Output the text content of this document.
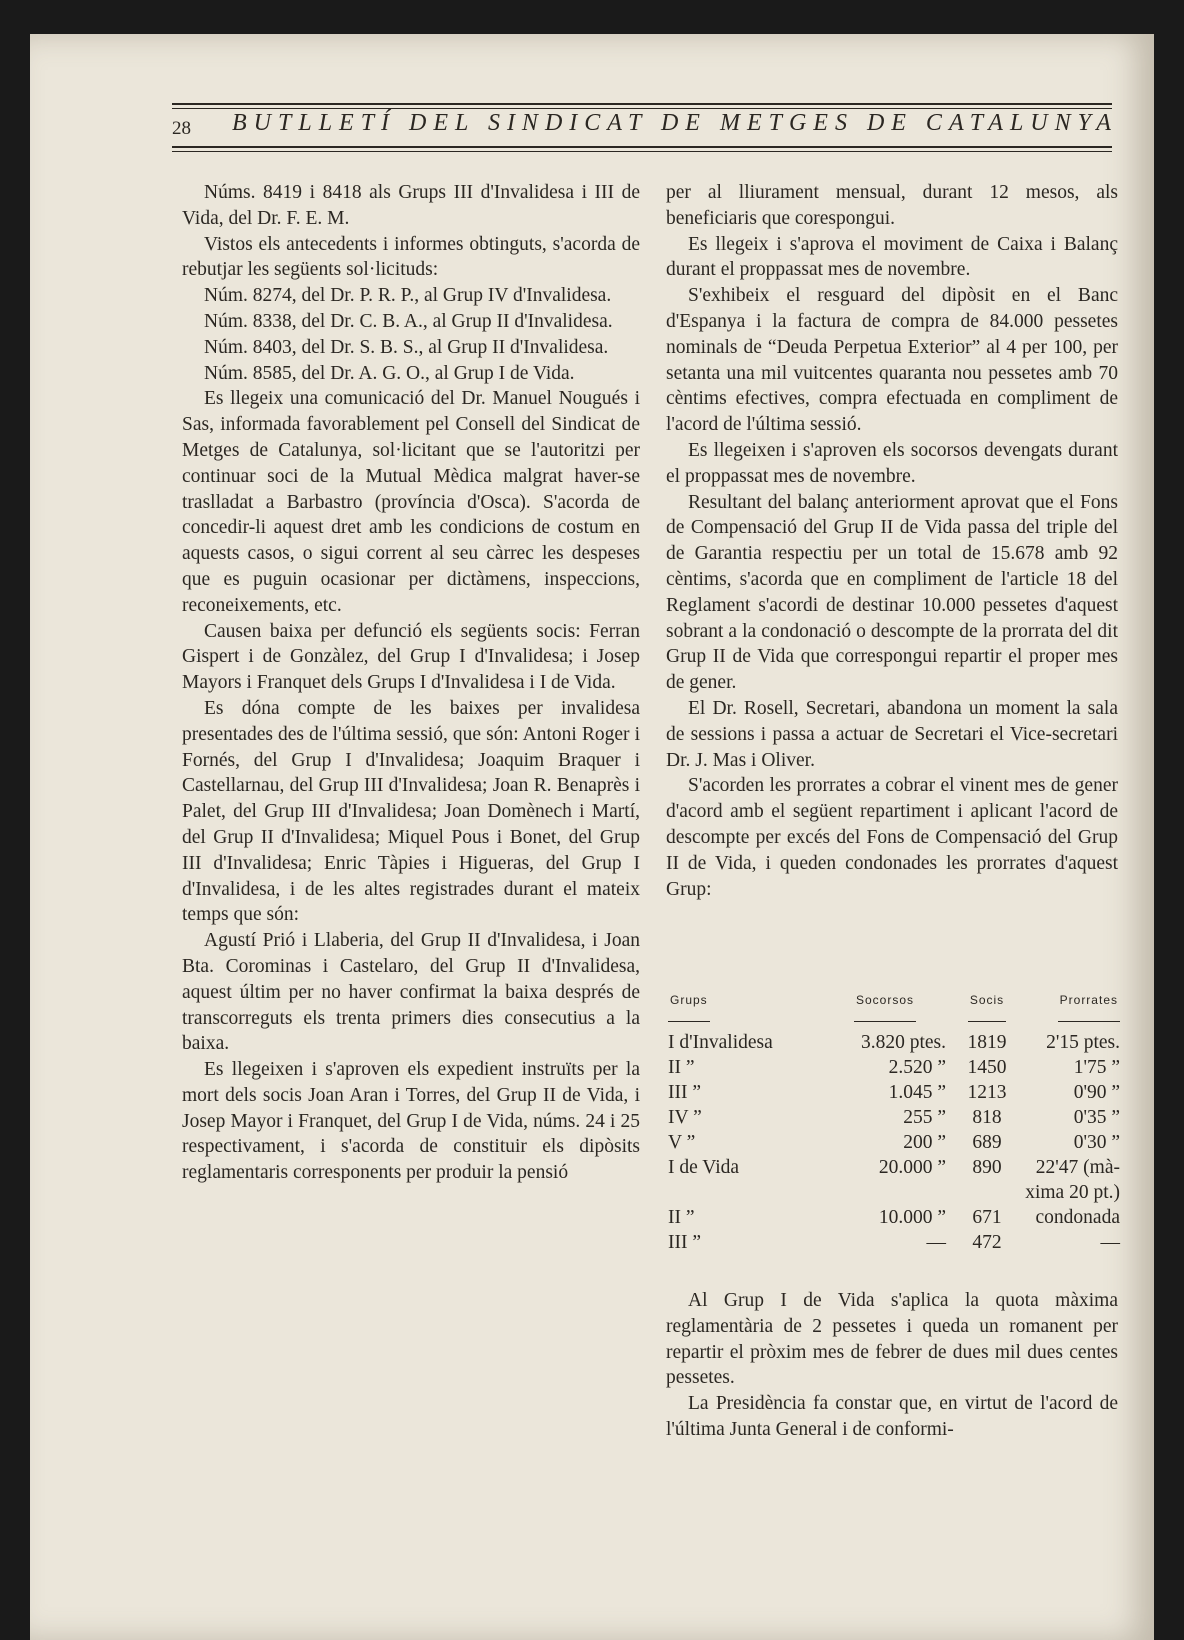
28 BUTLLETÍ DEL SINDICAT DE METGES DE CATALUNYA

Núms. 8419 i 8418 als Grups III d'Invalidesa i III de Vida, del Dr. F. E. M.

Vistos els antecedents i informes obtinguts, s'acorda de rebutjar les següents sol·licituds:

Núm. 8274, del Dr. P. R. P., al Grup IV d'Invalidesa.

Núm. 8338, del Dr. C. B. A., al Grup II d'Invalidesa.

Núm. 8403, del Dr. S. B. S., al Grup II d'Invalidesa.

Núm. 8585, del Dr. A. G. O., al Grup I de Vida.

Es llegeix una comunicació del Dr. Manuel Nougués i Sas, informada favorablement pel Consell del Sindicat de Metges de Catalunya, sol·licitant que se l'autoritzi per continuar soci de la Mutual Mèdica malgrat haver-se traslladat a Barbastro (província d'Osca). S'acorda de concedir-li aquest dret amb les condicions de costum en aquests casos, o sigui corrent al seu càrrec les despeses que es puguin ocasionar per dictàmens, inspeccions, reconeixements, etc.

Causen baixa per defunció els següents socis: Ferran Gispert i de Gonzàlez, del Grup I d'Invalidesa; i Josep Mayors i Franquet dels Grups I d'Invalidesa i I de Vida.

Es dóna compte de les baixes per invalidesa presentades des de l'última sessió, que són: Antoni Roger i Fornés, del Grup I d'Invalidesa; Joaquim Braquer i Castellarnau, del Grup III d'Invalidesa; Joan R. Benaprès i Palet, del Grup III d'Invalidesa; Joan Domènech i Martí, del Grup II d'Invalidesa; Miquel Pous i Bonet, del Grup III d'Invalidesa; Enric Tàpies i Higueras, del Grup I d'Invalidesa, i de les altes registrades durant el mateix temps que són:

Agustí Prió i Llaberia, del Grup II d'Invalidesa, i Joan Bta. Corominas i Castelaro, del Grup II d'Invalidesa, aquest últim per no haver confirmat la baixa després de transcorreguts els trenta primers dies consecutius a la baixa.

Es llegeixen i s'aproven els expedient instruïts per la mort dels socis Joan Aran i Torres, del Grup II de Vida, i Josep Mayor i Franquet, del Grup I de Vida, núms. 24 i 25 respectivament, i s'acorda de constituir els dipòsits reglamentaris corresponents per produir la pensió

per al lliurament mensual, durant 12 mesos, als beneficiaris que corespongui.

Es llegeix i s'aprova el moviment de Caixa i Balanç durant el proppassat mes de novembre.

S'exhibeix el resguard del dipòsit en el Banc d'Espanya i la factura de compra de 84.000 pessetes nominals de “Deuda Perpetua Exterior” al 4 per 100, per setanta una mil vuitcentes quaranta nou pessetes amb 70 cèntims efectives, compra efectuada en compliment de l'acord de l'última sessió.

Es llegeixen i s'aproven els socorsos devengats durant el proppassat mes de novembre.

Resultant del balanç anteriorment aprovat que el Fons de Compensació del Grup II de Vida passa del triple del de Garantia respectiu per un total de 15.678 amb 92 cèntims, s'acorda que en compliment de l'article 18 del Reglament s'acordi de destinar 10.000 pessetes d'aquest sobrant a la condonació o descompte de la prorrata del dit Grup II de Vida que correspongui repartir el proper mes de gener.

El Dr. Rosell, Secretari, abandona un moment la sala de sessions i passa a actuar de Secretari el Vice-secretari Dr. J. Mas i Oliver.

S'acorden les prorrates a cobrar el vinent mes de gener d'acord amb el següent repartiment i aplicant l'acord de descompte per excés del Fons de Compensació del Grup II de Vida, i queden condonades les prorrates d'aquest Grup:

Grups	Socorsos	Socis	Prorrates
I d'Invalidesa	3.820 ptes.	1819	2'15 ptes.
II ”	2.520 ”	1450	1'75 ”
III ”	1.045 ”	1213	0'90 ”
IV ”	255 ”	818	0'35 ”
V ”	200 ”	689	0'30 ”
I de Vida	20.000 ”	890	22'47 (mà-
			xima 20 pt.)
II ”	10.000 ”	671	condonada
III ”	—	472	—

Al Grup I de Vida s'aplica la quota màxima reglamentària de 2 pessetes i queda un romanent per repartir el pròxim mes de febrer de dues mil dues centes pessetes.

La Presidència fa constar que, en virtut de l'acord de l'última Junta General i de conformi-
